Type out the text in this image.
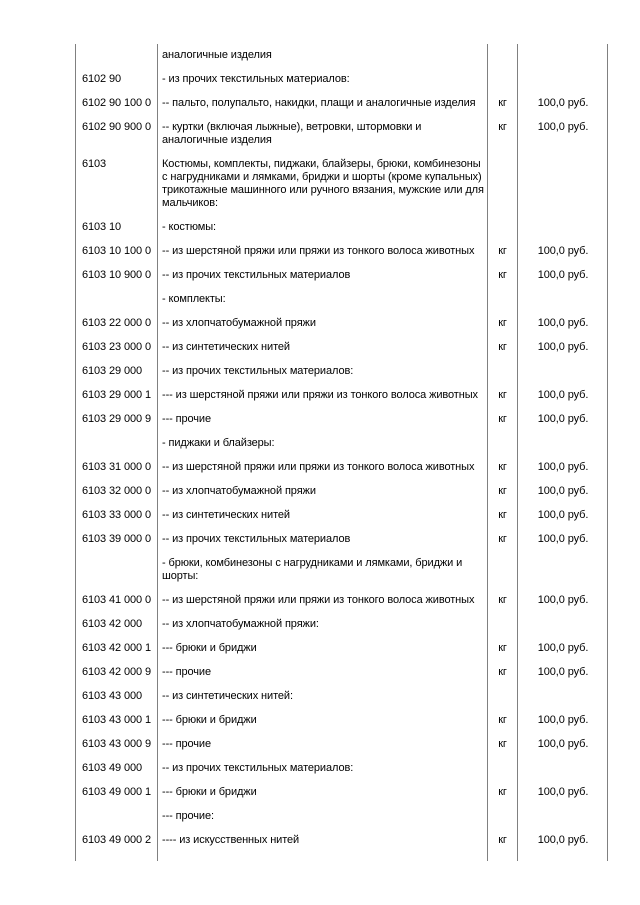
	аналогичные изделия		
6102 90	- из прочих текстильных материалов:		
6102 90 100 0	-- пальто, полупальто, накидки, плащи и аналогичные изделия	кг	100,0 руб.
6102 90 900 0	-- куртки (включая лыжные), ветровки, штормовки и аналогичные изделия	кг	100,0 руб.
6103	Костюмы, комплекты, пиджаки, блайзеры, брюки, комбинезоны с нагрудниками и лямками, бриджи и шорты (кроме купальных) трикотажные машинного или ручного вязания, мужские или для мальчиков:		
6103 10	- костюмы:		
6103 10 100 0	-- из шерстяной пряжи или пряжи из тонкого волоса животных	кг	100,0 руб.
6103 10 900 0	-- из прочих текстильных материалов	кг	100,0 руб.
	- комплекты:		
6103 22 000 0	-- из хлопчатобумажной пряжи	кг	100,0 руб.
6103 23 000 0	-- из синтетических нитей	кг	100,0 руб.
6103 29 000	-- из прочих текстильных материалов:		
6103 29 000 1	--- из шерстяной пряжи или пряжи из тонкого волоса животных	кг	100,0 руб.
6103 29 000 9	--- прочие	кг	100,0 руб.
	- пиджаки и блайзеры:		
6103 31 000 0	-- из шерстяной пряжи или пряжи из тонкого волоса животных	кг	100,0 руб.
6103 32 000 0	-- из хлопчатобумажной пряжи	кг	100,0 руб.
6103 33 000 0	-- из синтетических нитей	кг	100,0 руб.
6103 39 000 0	-- из прочих текстильных материалов	кг	100,0 руб.
	- брюки, комбинезоны с нагрудниками и лямками, бриджи и шорты:		
6103 41 000 0	-- из шерстяной пряжи или пряжи из тонкого волоса животных	кг	100,0 руб.
6103 42 000	-- из хлопчатобумажной пряжи:		
6103 42 000 1	--- брюки и бриджи	кг	100,0 руб.
6103 42 000 9	--- прочие	кг	100,0 руб.
6103 43 000	-- из синтетических нитей:		
6103 43 000 1	--- брюки и бриджи	кг	100,0 руб.
6103 43 000 9	--- прочие	кг	100,0 руб.
6103 49 000	-- из прочих текстильных материалов:		
6103 49 000 1	--- брюки и бриджи	кг	100,0 руб.
	--- прочие:		
6103 49 000 2	---- из искусственных нитей	кг	100,0 руб.
